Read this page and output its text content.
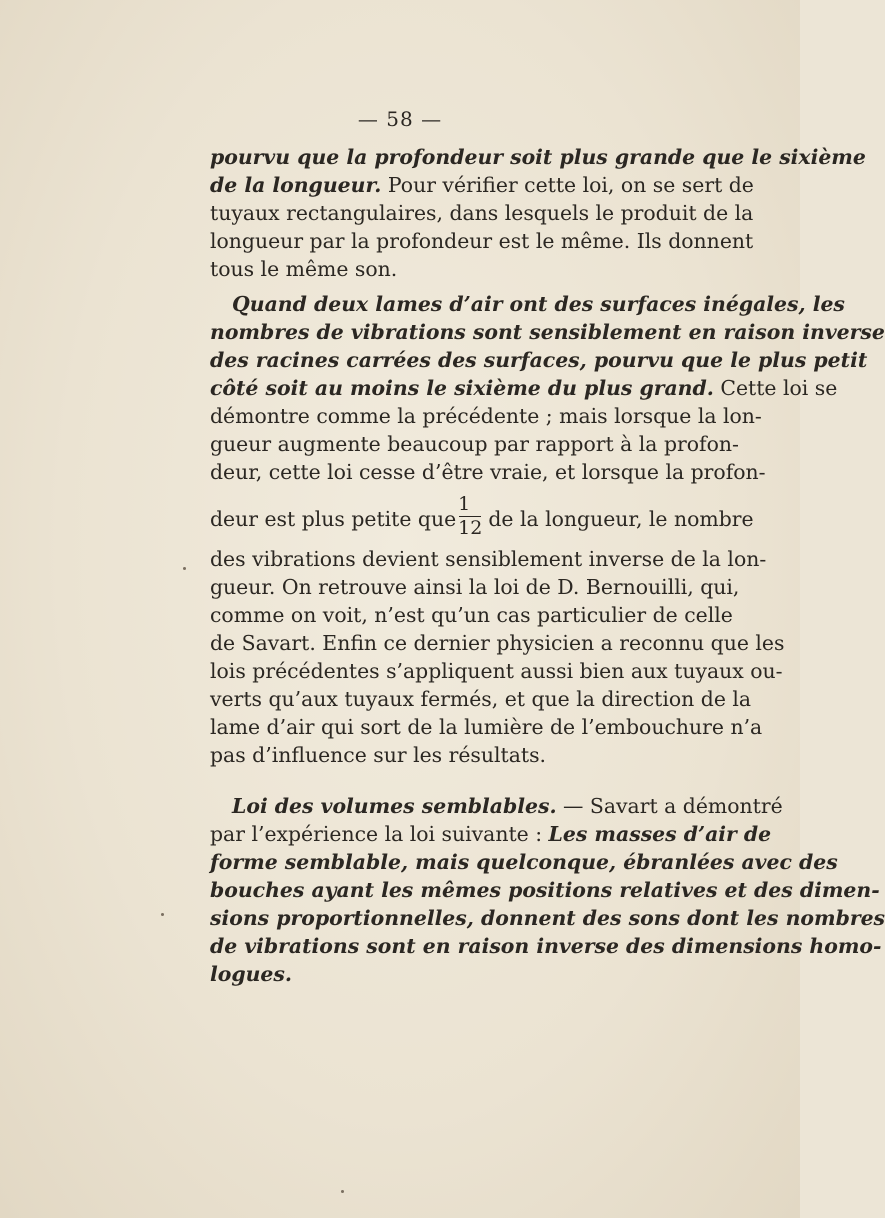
— 58 —
pourvu que la profondeur soit plus grande que le sixième
de la longueur. Pour vérifier cette loi, on se sert de
tuyaux rectangulaires, dans lesquels le produit de la
longueur par la profondeur est le même. Ils donnent
tous le même son.
Quand deux lames d’air ont des surfaces inégales, les
nombres de vibrations sont sensiblement en raison inverse
des racines carrées des surfaces, pourvu que le plus petit
côté soit au moins le sixième du plus grand. Cette loi se
démontre comme la précédente ; mais lorsque la lon-
gueur augmente beaucoup par rapport à la profon-
deur, cette loi cesse d’être vraie, et lorsque la profon-
deur est plus petite que $\frac{1}{12}$ de la longueur, le nombre
des vibrations devient sensiblement inverse de la lon-
gueur. On retrouve ainsi la loi de D. Bernouilli, qui,
comme on voit, n’est qu’un cas particulier de celle
de Savart. Enfin ce dernier physicien a reconnu que les
lois précédentes s’appliquent aussi bien aux tuyaux ou-
verts qu’aux tuyaux fermés, et que la direction de la
lame d’air qui sort de la lumière de l’embouchure n’a
pas d’influence sur les résultats.
Loi des volumes semblables. — Savart a démontré
par l’expérience la loi suivante : Les masses d’air de
forme semblable, mais quelconque, ébranlées avec des
bouches ayant les mêmes positions relatives et des dimen-
sions proportionnelles, donnent des sons dont les nombres
de vibrations sont en raison inverse des dimensions homo-
logues.
